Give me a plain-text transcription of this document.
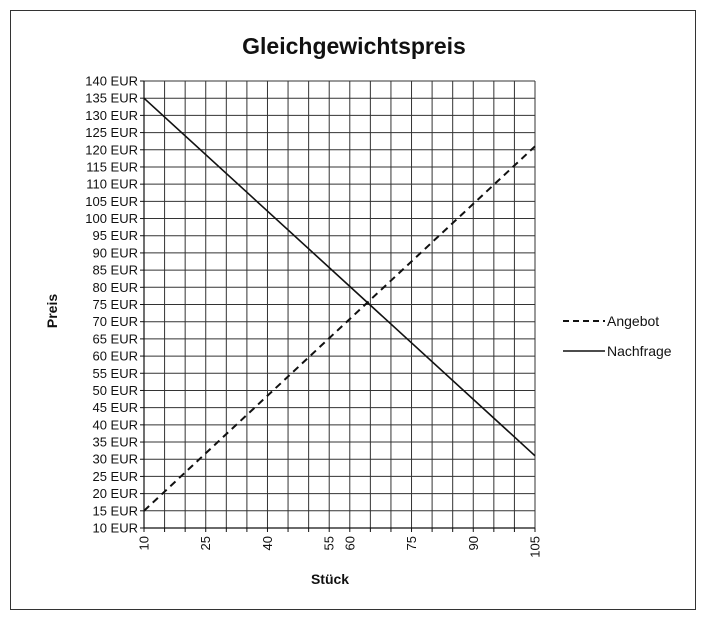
Gleichgewichtspreis
10 EUR
15 EUR
20 EUR
25 EUR
30 EUR
35 EUR
40 EUR
45 EUR
50 EUR
55 EUR
60 EUR
65 EUR
70 EUR
75 EUR
80 EUR
85 EUR
90 EUR
95 EUR
100 EUR
105 EUR
110 EUR
115 EUR
120 EUR
125 EUR
130 EUR
135 EUR
140 EUR
10	25	40	55 60	75	90	105
Stück
Preis	Angebot
Nachfrage
